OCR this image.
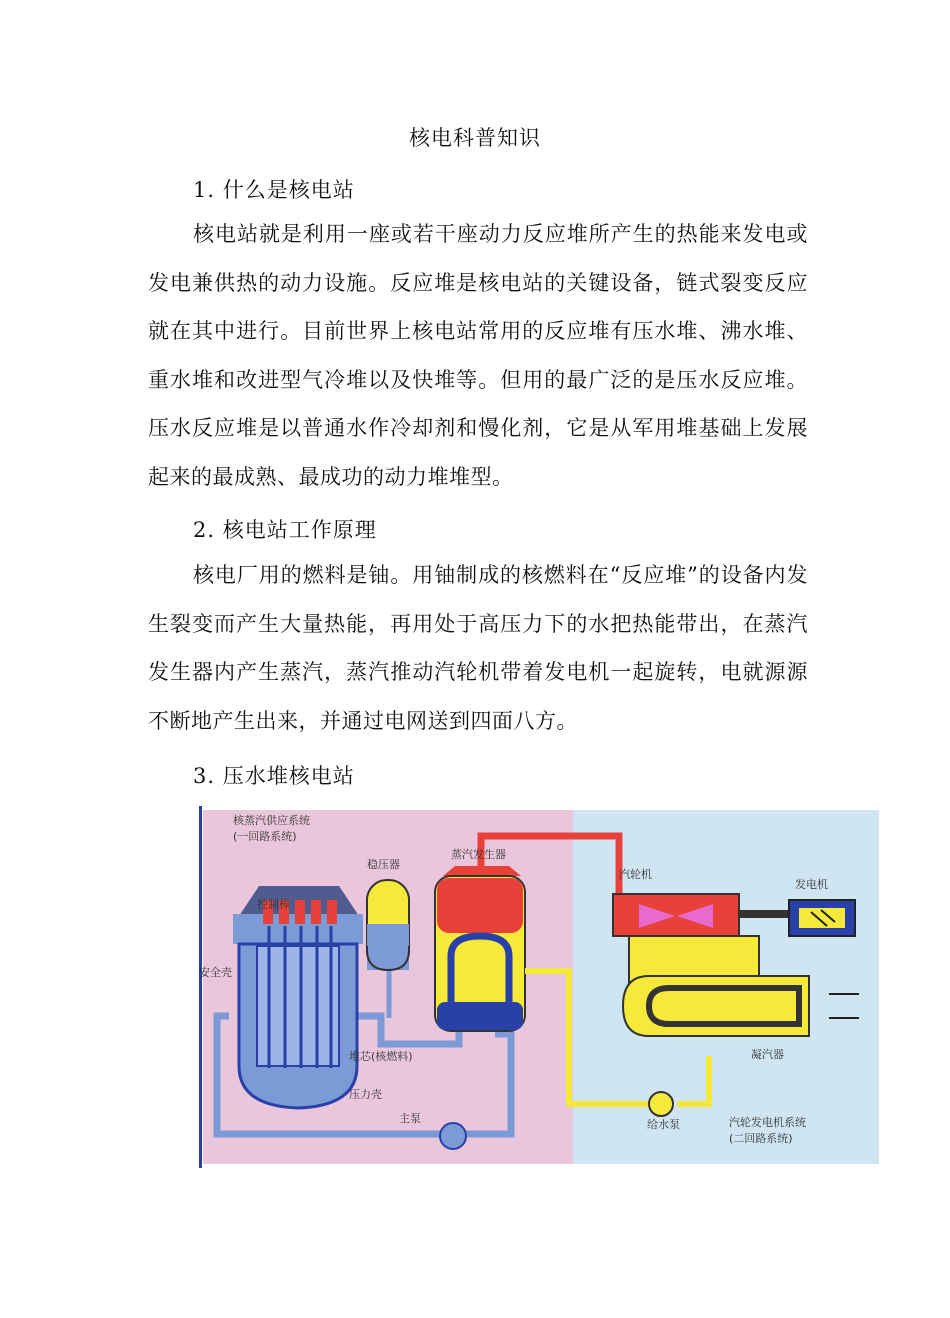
核电科普知识
1. 什么是核电站
核电站就是利用一座或若干座动力反应堆所产生的热能来发电或发电兼供热的动力设施。反应堆是核电站的关键设备，链式裂变反应就在其中进行。目前世界上核电站常用的反应堆有压水堆、沸水堆、重水堆和改进型气冷堆以及快堆等。但用的最广泛的是压水反应堆。压水反应堆是以普通水作冷却剂和慢化剂，它是从军用堆基础上发展起来的最成熟、最成功的动力堆堆型。
2. 核电站工作原理
核电厂用的燃料是铀。用铀制成的核燃料在“反应堆”的设备内发生裂变而产生大量热能，再用处于高压力下的水把热能带出，在蒸汽发生器内产生蒸汽，蒸汽推动汽轮机带着发电机一起旋转，电就源源不断地产生出来，并通过电网送到四面八方。
3. 压水堆核电站
核蒸汽供应系统
(一回路系统)
稳压器
蒸汽发生器
控制棒
安全壳
堆芯(核燃料)
压力壳
主泵
汽轮机
发电机
凝汽器
给水泵	汽轮发电机系统
(二回路系统)
